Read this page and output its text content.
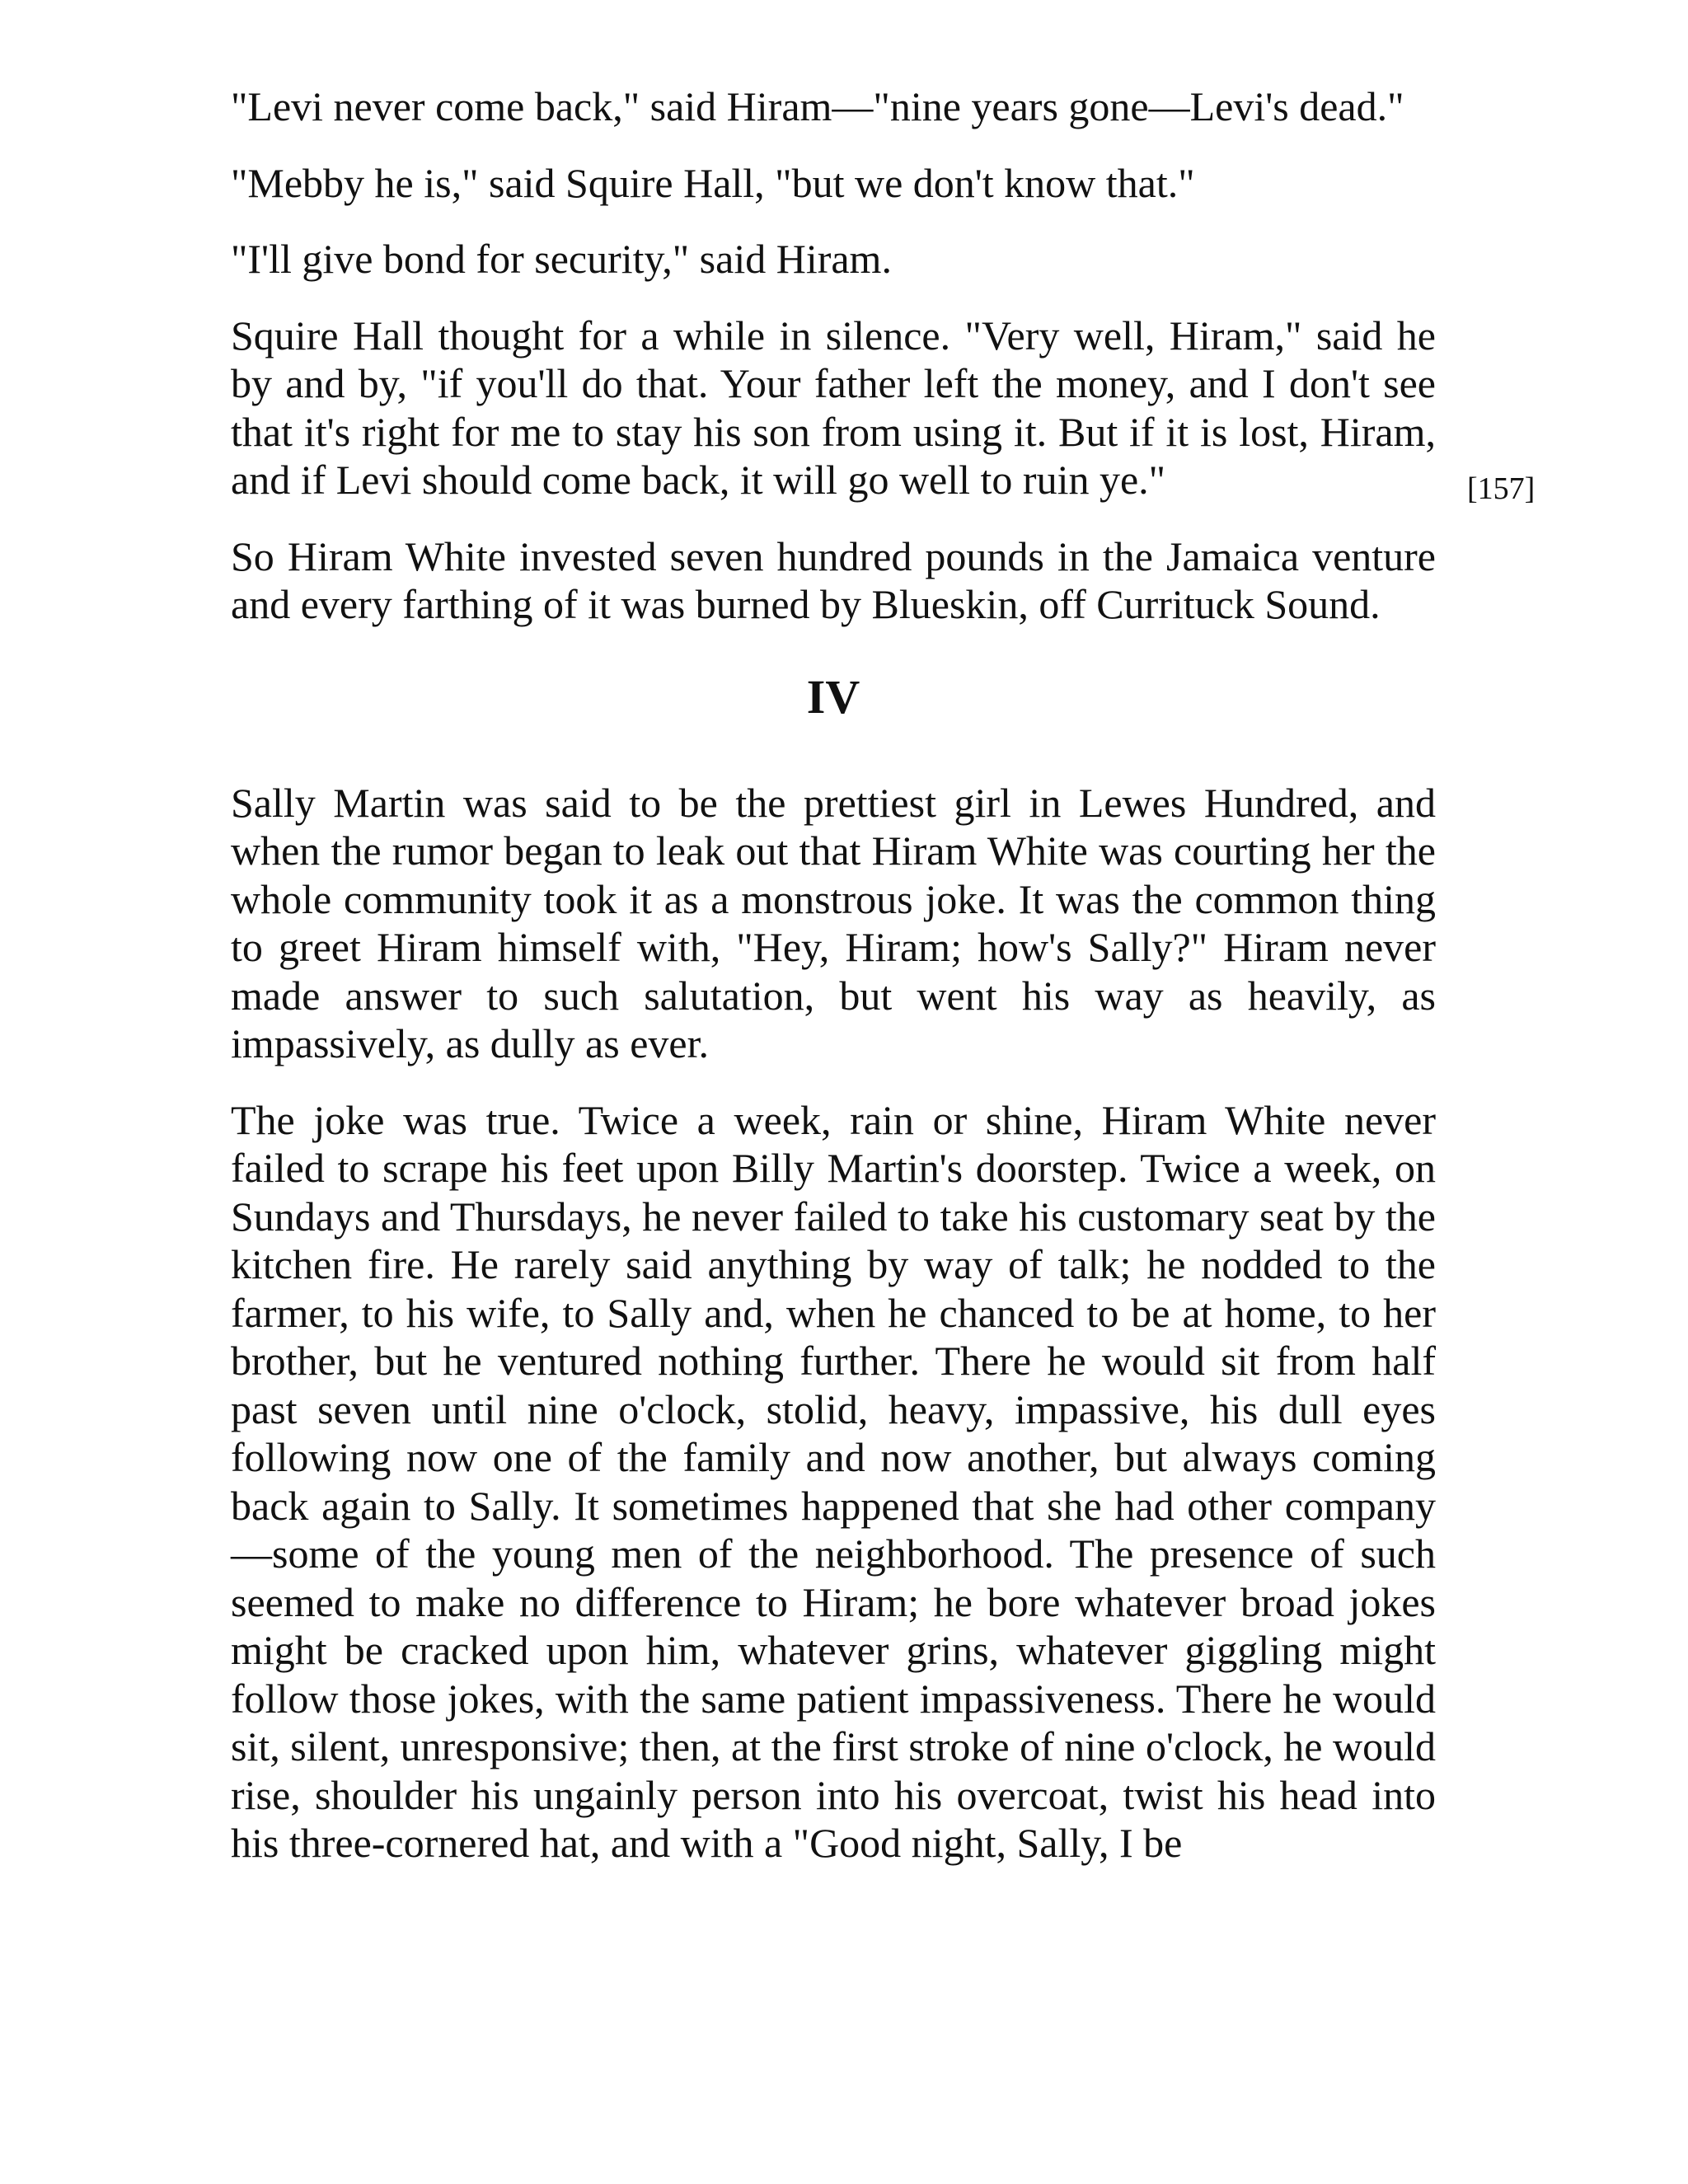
"Levi never come back," said Hiram—"nine years gone—Levi's dead."

"Mebby he is," said Squire Hall, "but we don't know that."

"I'll give bond for security," said Hiram.

Squire Hall thought for a while in silence. "Very well, Hiram," said he by and by, "if you'll do that. Your father left the money, and I don't see that it's right for me to stay his son from using it. But if it is lost, Hiram, and if Levi should come back, it will go well to ruin ye."

So Hiram White invested seven hundred pounds in the Jamaica venture and every farthing of it was burned by Blueskin, off Currituck Sound.

IV

Sally Martin was said to be the prettiest girl in Lewes Hundred, and when the rumor began to leak out that Hiram White was courting her the whole community took it as a monstrous joke. It was the common thing to greet Hiram himself with, "Hey, Hiram; how's Sally?" Hiram never made answer to such salutation, but went his way as heavily, as impassively, as dully as ever.

The joke was true. Twice a week, rain or shine, Hiram White never failed to scrape his feet upon Billy Martin's doorstep. Twice a week, on Sundays and Thursdays, he never failed to take his customary seat by the kitchen fire. He rarely said anything by way of talk; he nodded to the farmer, to his wife, to Sally and, when he chanced to be at home, to her brother, but he ventured nothing further. There he would sit from half past seven until nine o'clock, stolid, heavy, impassive, his dull eyes following now one of the family and now another, but always coming back again to Sally. It sometimes happened that she had other company—some of the young men of the neighborhood. The presence of such seemed to make no difference to Hiram; he bore whatever broad jokes might be cracked upon him, whatever grins, whatever giggling might follow those jokes, with the same patient impassiveness. There he would sit, silent, unresponsive; then, at the first stroke of nine o'clock, he would rise, shoulder his ungainly person into his overcoat, twist his head into his three-cornered hat, and with a "Good night, Sally, I be

[157]
